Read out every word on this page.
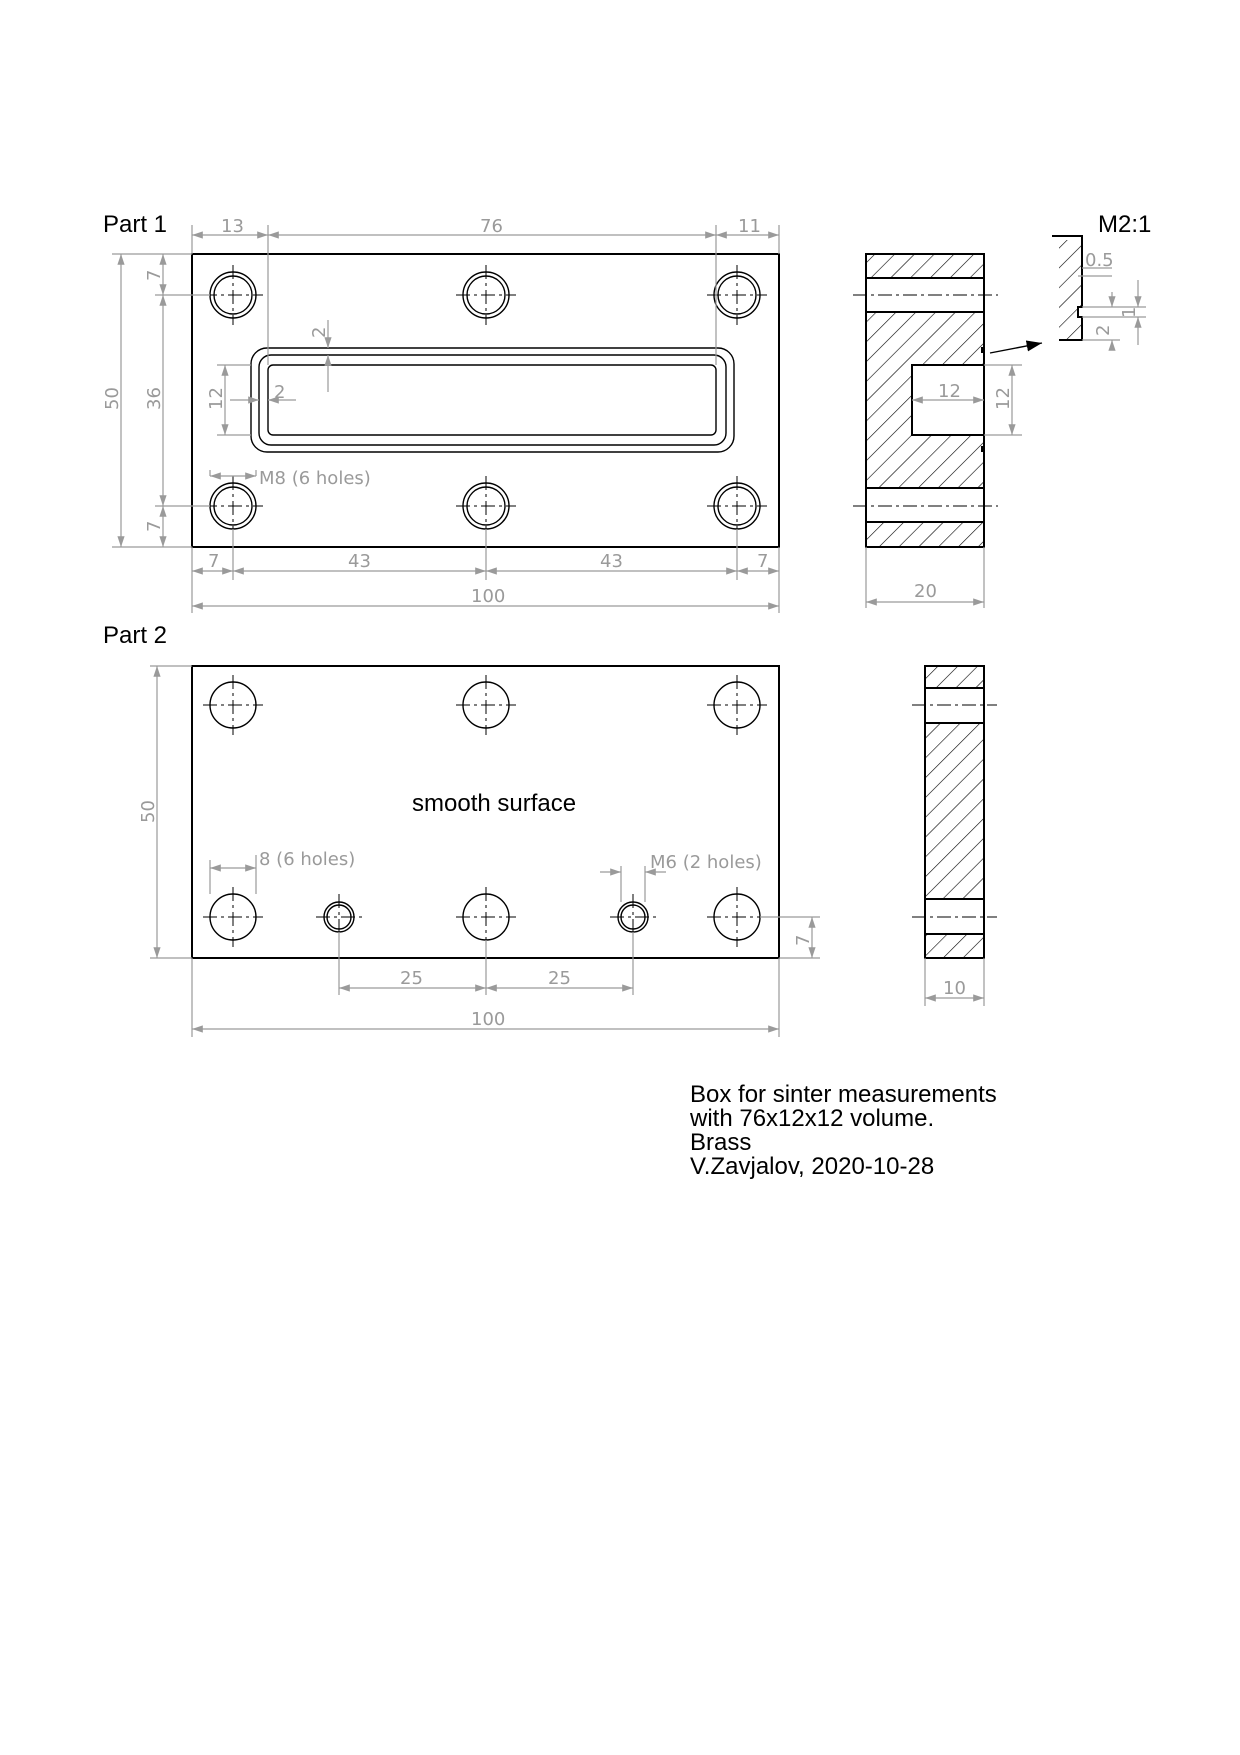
Part 1
Part 2
M2:1
13	76	11
50 36
7
7
12
2
2
M8 (6 holes)
7	43	43	7
100
12 12
20
0.5
1
2
smooth surface
50
8 (6 holes)	M6 (2 holes)
7
25	25
100
10
Box for sinter measurements
with 76x12x12 volume.
Brass
V.Zavjalov, 2020-10-28
